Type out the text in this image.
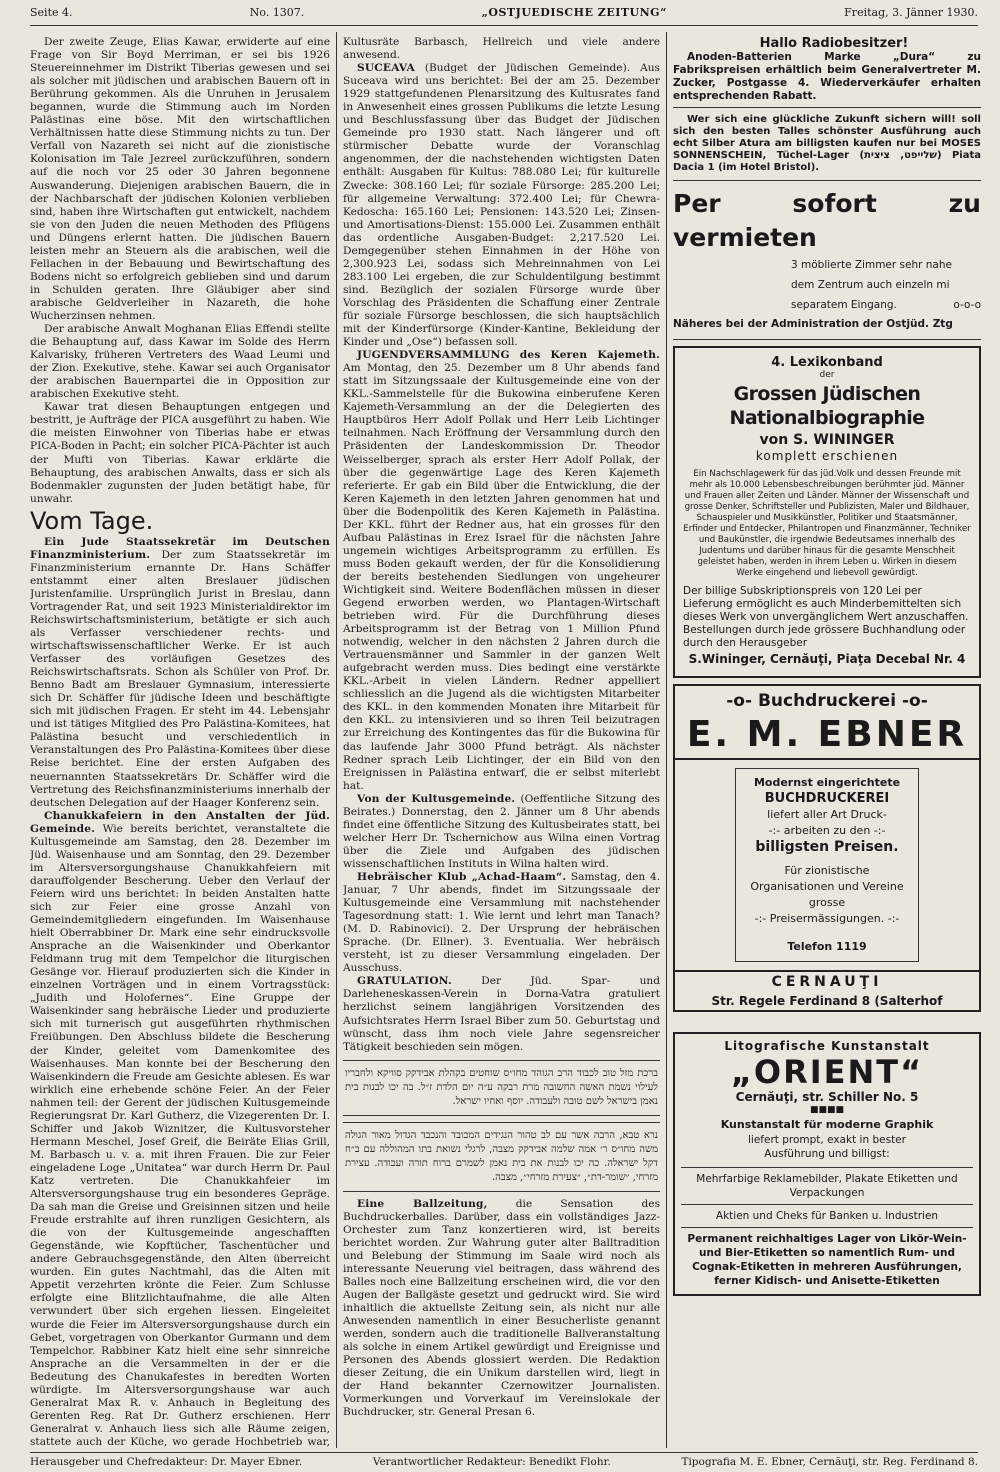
Seite 4.	No. 1307.	„OSTJUEDISCHE ZEITUNG“	Freitag, 3. Jänner 1930.

Der zweite Zeuge, Elias Kawar, erwiderte auf eine Frage von Sir Boyd Merriman, er sei bis 1926 Steuereinnehmer im Distrikt Tiberias gewesen und sei als solcher mit jüdischen und arabischen Bauern oft in Berührung gekommen. Als die Unruhen in Jerusalem begannen, wurde die Stimmung auch im Norden Palästinas eine böse. Mit den wirtschaftlichen Verhältnissen hatte diese Stimmung nichts zu tun. Der Verfall von Nazareth sei nicht auf die zionistische Kolonisation im Tale Jezreel zurückzuführen, sondern auf die noch vor 25 oder 30 Jahren begonnene Auswanderung. Diejenigen arabischen Bauern, die in der Nachbarschaft der jüdischen Kolonien verblieben sind, haben ihre Wirtschaften gut entwickelt, nachdem sie von den Juden die neuen Methoden des Pflügens und Düngens erlernt hatten. Die jüdischen Bauern leisten mehr an Steuern als die arabischen, weil die Fellachen in der Bebauung und Bewirtschaftung des Bodens nicht so erfolgreich geblieben sind und darum in Schulden geraten. Ihre Gläubiger aber sind arabische Geldverleiher in Nazareth, die hohe Wucherzinsen nehmen.

Der arabische Anwalt Moghanan Elias Effendi stellte die Behauptung auf, dass Kawar im Solde des Herrn Kalvarisky, früheren Vertreters des Waad Leumi und der Zion. Exekutive, stehe. Kawar sei auch Organisator der arabischen Bauernpartei die in Opposition zur arabischen Exekutive steht.

Kawar trat diesen Behauptungen entgegen und bestritt, je Aufträge der PICA ausgeführt zu haben. Wie die meisten Einwohner von Tiberias habe er etwas PICA-Boden in Pacht; ein solcher PICA-Pächter ist auch der Mufti von Tiberias. Kawar erklärte die Behauptung, des arabischen Anwalts, dass er sich als Bodenmakler zugunsten der Juden betätigt habe, für unwahr.

Vom Tage.

Ein Jude Staatssekretär im Deutschen Finanzministerium. Der zum Staatssekretär im Finanzministerium ernannte Dr. Hans Schäffer entstammt einer alten Breslauer jüdischen Juristenfamilie. Ursprünglich Jurist in Breslau, dann Vortragender Rat, und seit 1923 Ministerialdirektor im Reichswirtschaftsministerium, betätigte er sich auch als Verfasser verschiedener rechts- und wirtschaftswissenschaftlicher Werke. Er ist auch Verfasser des vorläufigen Gesetzes des Reichswirtschaftsrats. Schon als Schüler von Prof. Dr. Benno Badt am Breslauer Gymnasium, interessierte sich Dr. Schäffer für jüdische Ideen und beschäftigte sich mit jüdischen Fragen. Er steht im 44. Lebensjahr und ist tätiges Mitglied des Pro Palästina-Komitees, hat Palästina besucht und verschiedentlich in Veranstaltungen des Pro Palästina-Komitees über diese Reise berichtet. Eine der ersten Aufgaben des neuernannten Staatssekretärs Dr. Schäffer wird die Vertretung des Reichsfinanzministeriums innerhalb der deutschen Delegation auf der Haager Konferenz sein.

Chanukkafeiern in den Anstalten der Jüd. Gemeinde. Wie bereits berichtet, veranstaltete die Kultusgemeinde am Samstag, den 28. Dezember im Jüd. Waisenhause und am Sonntag, den 29. Dezember im Altersversorgungshause Chanukkahfeiern mit darauffolgender Bescherung. Ueber den Verlauf der Feiern wird uns berichtet: In beiden Anstalten hatte sich zur Feier eine grosse Anzahl von Gemeindemitgliedern eingefunden. Im Waisenhause hielt Oberrabbiner Dr. Mark eine sehr eindrucksvolle Ansprache an die Waisenkinder und Oberkantor Feldmann trug mit dem Tempelchor die liturgischen Gesänge vor. Hierauf produzierten sich die Kinder in einzelnen Vorträgen und in einem Vortragsstück: „Judith und Holofernes“. Eine Gruppe der Waisenkinder sang hebräische Lieder und produzierte sich mit turnerisch gut ausgeführten rhythmischen Freiübungen. Den Abschluss bildete die Bescherung der Kinder, geleitet vom Damenkomitee des Waisenhauses. Man konnte bei der Bescherung den Waisenkindern die Freude am Gesichte ablesen. Es war wirklich eine erhebende schöne Feier. An der Feier nahmen teil: der Gerent der jüdischen Kultusgemeinde Regierungsrat Dr. Karl Gutherz, die Vizegerenten Dr. I. Schiffer und Jakob Wiznitzer, die Kultusvorsteher Hermann Meschel, Josef Greif, die Beiräte Elias Grill, M. Barbasch u. v. a. mit ihren Frauen. Die zur Feier eingeladene Loge „Unitatea“ war durch Herrn Dr. Paul Katz vertreten. Die Chanukkahfeier im Altersversorgungshause trug ein besonderes Gepräge. Da sah man die Greise und Greisinnen sitzen und heile Freude erstrahlte auf ihren runzligen Gesichtern, als die von der Kultusgemeinde angeschafften Gegenstände, wie Kopftücher, Taschentücher und andere Gebrauchsgegenstände, den Alten überreicht wurden. Ein gutes Nachtmahl, das die Alten mit Appetit verzehrten krönte die Feier. Zum Schlusse erfolgte eine Blitzlichtaufnahme, die alle Alten verwundert über sich ergehen liessen. Eingeleitet wurde die Feier im Altersversorgungshause durch ein Gebet, vorgetragen von Oberkantor Gurmann und dem Tempelchor. Rabbiner Katz hielt eine sehr sinnreiche Ansprache an die Versammelten in der er die Bedeutung des Chanukafestes in beredten Worten würdigte. Im Altersversorgungshause war auch Generalrat Max R. v. Anhauch in Begleitung des Gerenten Reg. Rat Dr. Gutherz erschienen. Herr Generalrat v. Anhauch liess sich alle Räume zeigen, stattete auch der Küche, wo gerade Hochbetrieb war,

Kultusräte Barbasch, Hellreich und viele andere anwesend.

SUCEAVA (Budget der Jüdischen Gemeinde). Aus Suceava wird uns berichtet: Bei der am 25. Dezember 1929 stattgefundenen Plenarsitzung des Kultusrates fand in Anwesenheit eines grossen Publikums die letzte Lesung und Beschlussfassung über das Budget der Jüdischen Gemeinde pro 1930 statt. Nach längerer und oft stürmischer Debatte wurde der Voranschlag angenommen, der die nachstehenden wichtigsten Daten enthält: Ausgaben für Kultus: 788.080 Lei; für kulturelle Zwecke: 308.160 Lei; für soziale Fürsorge: 285.200 Lei; für allgemeine Verwaltung: 372.400 Lei; für Chewra-Kedoscha: 165.160 Lei; Pensionen: 143.520 Lei; Zinsen- und Amortisations-Dienst: 155.000 Lei. Zusammen enthält das ordentliche Ausgaben-Budget: 2,217.520 Lei. Demgegenüber stehen Einnahmen in der Höhe von 2,300.923 Lei, sodass sich Mehreinnahmen von Lei 283.100 Lei ergeben, die zur Schuldentilgung bestimmt sind. Bezüglich der sozialen Fürsorge wurde über Vorschlag des Präsidenten die Schaffung einer Zentrale für soziale Fürsorge beschlossen, die sich hauptsächlich mit der Kinderfürsorge (Kinder-Kantine, Bekleidung der Kinder und „Ose“) befassen soll.

JUGENDVERSAMMLUNG des Keren Kajemeth. Am Montag, den 25. Dezember um 8 Uhr abends fand statt im Sitzungssaale der Kultusgemeinde eine von der KKL.-Sammelstelle für die Bukowina einberufene Keren Kajemeth-Versammlung an der die Delegierten des Hauptbüros Herr Adolf Pollak und Herr Leib Lichtinger teilnahmen. Nach Eröffnung der Versammlung durch den Präsidenten der Landeskommission Dr. Theodor Weisselberger, sprach als erster Herr Adolf Pollak, der über die gegenwärtige Lage des Keren Kajemeth referierte. Er gab ein Bild über die Entwicklung, die der Keren Kajemeth in den letzten Jahren genommen hat und über die Bodenpolitik des Keren Kajemeth in Palästina. Der KKL. führt der Redner aus, hat ein grosses für den Aufbau Palästinas in Erez Israel für die nächsten Jahre ungemein wichtiges Arbeitsprogramm zu erfüllen. Es muss Boden gekauft werden, der für die Konsolidierung der bereits bestehenden Siedlungen von ungeheurer Wichtigkeit sind. Weitere Bodenflächen müssen in dieser Gegend erworben werden, wo Plantagen-Wirtschaft betrieben wird. Für die Durchführung dieses Arbeitsprogramm ist der Betrag von 1 Million Pfund notwendig, welcher in den nächsten 2 Jahren durch die Vertrauensmänner und Sammler in der ganzen Welt aufgebracht werden muss. Dies bedingt eine verstärkte KKL.-Arbeit in vielen Ländern. Redner appelliert schliesslich an die Jugend als die wichtigsten Mitarbeiter des KKL. in den kommenden Monaten ihre Mitarbeit für den KKL. zu intensivieren und so ihren Teil beizutragen zur Erreichung des Kontingentes das für die Bukowina für das laufende Jahr 3000 Pfund beträgt. Als nächster Redner sprach Leib Lichtinger, der ein Bild von den Ereignissen in Palästina entwarf, die er selbst miterlebt hat.

Von der Kultusgemeinde. (Oeffentliche Sitzung des Beirates.) Donnerstag, den 2. Jänner um 8 Uhr abends findet eine öffentliche Sitzung des Kultusbeirates statt, bei welcher Herr Dr. Tschernichow aus Wilna einen Vortrag über die Ziele und Aufgaben des jüdischen wissenschaftlichen Instituts in Wilna halten wird.

Hebräischer Klub „Achad-Haam“. Samstag, den 4. Januar, 7 Uhr abends, findet im Sitzungssaale der Kultusgemeinde eine Versammlung mit nachstehender Tagesordnung statt: 1. Wie lernt und lehrt man Tanach? (M. D. Rabinovici). 2. Der Ursprung der hebräischen Sprache. (Dr. Ellner). 3. Eventualia. Wer hebräisch versteht, ist zu dieser Versammlung eingeladen. Der Ausschuss.

GRATULATION.	Der Jüd. Spar- und Darleheneskassen-Verein in Dorna-Vatra gratuliert herzlichst seinem langjährigen Vorsitzenden des Aufsichtsrates Herrn Israel Biber zum 50. Geburtstag und wünscht, dass ihm noch viele Jahre segensreicher Tätigkeit beschieden sein mögen.

ברכת מזל טוב לכבוד הרב הגוהד מחו״ס שוחטים בקהלת אבידקק סוויקא ולחבריו לעילוי נשמת האשה החשובה מרת רבקה ע״ה יום הלדת ז״ל. בה יכו לבנות בית נאמן בישראל לשם טובה ולעבודה. יוסף ואחיו ישראל.
נרא טבא, הרבה אשר עם לב טהור הנגידים המכובד והנכבד הגדול מאור הגולה משה מחו״ס ר׳ אמה שלמה אבידקק מצבה, לרגלי נשואת בתו המהוללה עם ב״ח דקל ישראלה. כה יכו לבנות את בית נאמן לשמרם ברוח תורה ועבודה. עצירת מזרחי, ״שומר-דת״, ״צעירת מזרחי״, מצבה.

Eine Ballzeitung,	die Sensation des Buchdruckerballes. Darüber, dass ein vollständiges Jazz-Orchester zum Tanz konzertieren wird, ist bereits berichtet worden. Zur Wahrung guter alter Balltradition und Belebung der Stimmung im Saale wird noch als interessante Neuerung viel beitragen, dass während des Balles noch eine Ballzeitung erscheinen wird, die vor den Augen der Ballgäste gesetzt und gedruckt wird. Sie wird inhaltlich die aktuellste Zeitung sein, als nicht nur alle Anwesenden namentlich in einer Besucherliste genannt werden, sondern auch die traditionelle Ballveranstaltung als solche in einem Artikel gewürdigt und Ereignisse und Personen des Abends glossiert werden. Die Redaktion dieser Zeitung, die ein Unikum darstellen wird, liegt in der Hand bekannter Czernowitzer Journalisten. Vormerkungen und Vorverkauf im Vereinslokale der Buchdrucker, str. General Presan 6.

Hallo Radiobesitzer!

Anoden-Batterien Marke „Dura“ zu Fabrikspreisen erhältlich beim Generalvertreter M. Zucker, Postgasse 4. Wiederverkäufer erhalten entsprechenden Rabatt.

Wer sich eine glückliche Zukunft sichern will! soll sich den besten Talles schönster Ausführung auch echt Silber Atura am billigsten kaufen nur bei MOSES SONNENSCHEIN, Tüchel-Lager (שלייפט, ציצית) Piata Dacia 1 (im Hotel Bristol).

Per sofort zu vermieten

3 möblierte Zimmer sehr nahe

dem Zentrum auch einzeln mi

separatem Eingang.	o-o-o

Näheres bei der Administration der Ostjüd. Ztg

4. Lexikonband

der

Grossen Jüdischen Nationalbiographie

von S. WININGER

komplett erschienen

Ein Nachschlagewerk für das jüd.Volk und dessen Freunde mit mehr als 10.000 Lebensbeschreibungen berühmter jüd. Männer und Frauen aller Zeiten und Länder. Männer der Wissenschaft und grosse Denker, Schriftsteller und Publizisten, Maler und Bildhauer, Schauspieler und Musikkünstler, Politiker und Staatsmänner, Erfinder und Entdecker, Philantropen und Finanzmänner, Techniker und Baukünstler, die irgendwie Bedeutsames innerhalb des Judentums und darüber hinaus für die gesamte Menschheit geleistet haben, werden in ihrem Leben u. Wirken in diesem Werke eingehend und liebevoll gewürdigt.

Der billige Subskriptionspreis von 120 Lei per Lieferung ermöglicht es auch Minderbemittelten sich dieses Werk von unvergänglichem Wert anzuschaffen. Bestellungen durch jede grössere Buchhandlung oder durch den Herausgeber

S.Wininger, Cernăuţi, Piaţa Decebal Nr. 4

-o- Buchdruckerei -o-

E. M. EBNER

Modernst eingerichtete

BUCHDRUCKEREI

liefert aller Art Druck-

-:- arbeiten zu den -:-

billigsten Preisen.

Für zionistische Organisationen und Vereine grosse

-:- Preisermässigungen. -:-

Telefon 1119

CERNAUŢI

Str. Regele Ferdinand 8 (Salterhof

Litografische Kunstanstalt

„ORIENT“

Cernăuţi, str. Schiller No. 5

■■■■

Kunstanstalt für moderne Graphik

liefert prompt, exakt in bester Ausführung und billigst:

Mehrfarbige Reklamebilder, Plakate Etiketten und Verpackungen

Aktien und Cheks für Banken u. Industrien

Permanent reichhaltiges Lager von Likör-Wein- und Bier-Etiketten so namentlich Rum- und Cognak-Etiketten in mehreren Ausführungen, ferner Kidisch- und Anisette-Etiketten

Herausgeber und Chefredakteur: Dr. Mayer Ebner.	Verantwortlicher Redakteur: Benedikt Flohr.	Tipografia M. E. Ebner, Cernăuţi, str. Reg. Ferdinand 8.
